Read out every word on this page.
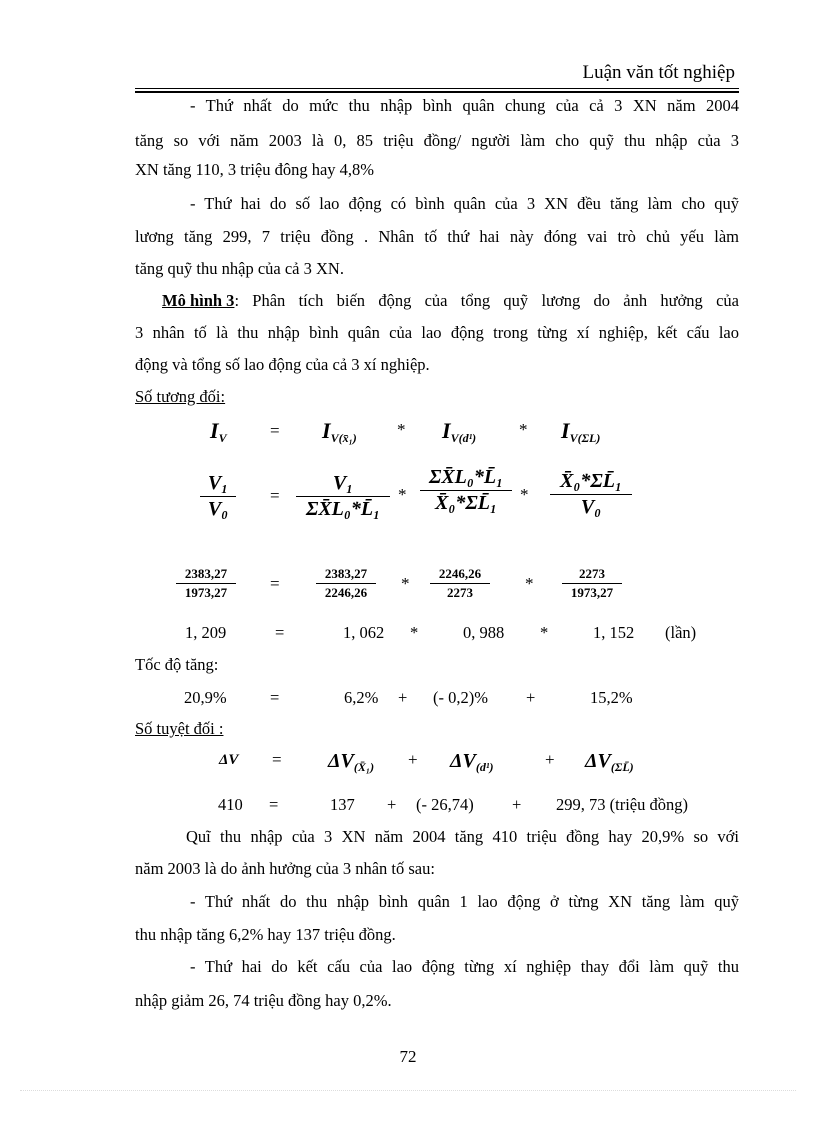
Luận văn tốt nghiệp
- Thứ nhất do mức thu nhập bình quân chung của cả 3 XN năm 2004
tăng so với năm 2003 là 0, 85 triệu đồng/ người làm cho quỹ thu nhập của 3
XN tăng 110, 3 triệu đông hay 4,8%
- Thứ hai do số lao động có bình quân của 3 XN đều tăng làm cho quỹ
lương tăng 299, 7 triệu đồng . Nhân tố thứ hai này đóng vai trò chủ yếu làm
tăng quỹ thu nhập của cả 3 XN.
Mô hình 3 : Phân tích biến động của tổng quỹ lương do ảnh hưởng của
3 nhân tố là thu nhập bình quân của lao động trong từng xí nghiệp, kết cấu lao
động và tổng số lao động của cả 3 xí nghiệp.
Số tương đối:
$I_V$	= $I_{V(x̄_1)} * I_{V(d^1)}$	* $I_{V(\Sigma L)}$
$\frac{\text{V₁}}{\text{V₀}} = \frac{\text{V₁}}{\text{ΣX̄L₀*L̄₁}} * \frac{\text{ΣX̄L₀*L̄₁}}{\text{X̄₀*ΣL̄₁}} * \frac{\text{X̄₀*ΣL̄₁}}{\text{V₀}}$
$\frac{2383,27}{1973,27}$ =	$\frac{2383,27}{2246,26} * \frac{2246,26}{2273} * \frac{2273}{1973,27}$
1, 209	=	1, 062 *	0, 988 *	1, 152 (lần)
Tốc độ tăng:
20,9%	=	6,2% + (- 0,2)% +	15,2%
Số tuyệt đối :
$\Delta V = \Delta V_{(X̄_1)} + \Delta V_{(d^1)}$	+ $\Delta V_{(\Sigma L̄)}$
410 =	137 + (- 26,74) + 299, 73 (triệu đồng)
Quĩ thu nhập của 3 XN năm 2004 tăng 410 triệu đồng hay 20,9% so với
năm 2003 là do ảnh hưởng của 3 nhân tố sau:
- Thứ nhất do thu nhập bình quân 1 lao động ở từng XN tăng làm quỹ
thu nhập tăng 6,2% hay 137 triệu đồng.
- Thứ hai do kết cấu của lao động từng xí nghiệp thay đổi làm quỹ thu
nhập giảm 26, 74 triệu đồng hay 0,2%.
72
